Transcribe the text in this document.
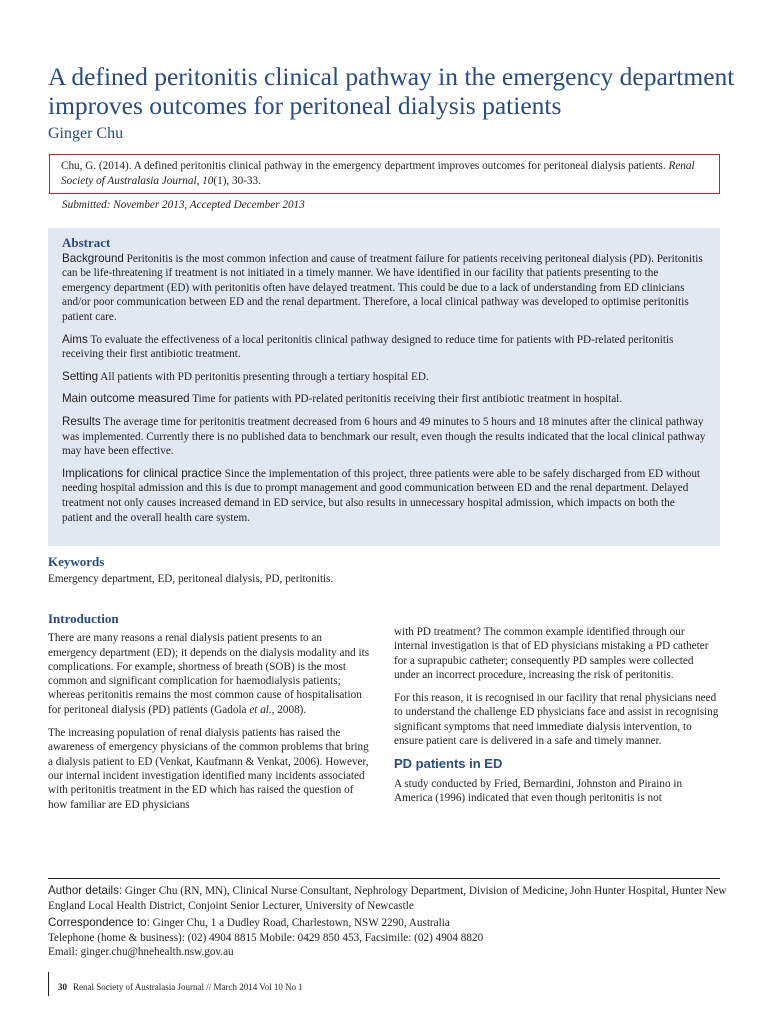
A defined peritonitis clinical pathway in the emergency department improves outcomes for peritoneal dialysis patients
Ginger Chu
Chu, G. (2014). A defined peritonitis clinical pathway in the emergency department improves outcomes for peritoneal dialysis patients. Renal Society of Australasia Journal, 10(1), 30-33.
Submitted: November 2013, Accepted December 2013
Abstract

Background Peritonitis is the most common infection and cause of treatment failure for patients receiving peritoneal dialysis (PD). Peritonitis can be life-threatening if treatment is not initiated in a timely manner. We have identified in our facility that patients presenting to the emergency department (ED) with peritonitis often have delayed treatment. This could be due to a lack of understanding from ED clinicians and/or poor communication between ED and the renal department. Therefore, a local clinical pathway was developed to optimise peritonitis patient care.

Aims To evaluate the effectiveness of a local peritonitis clinical pathway designed to reduce time for patients with PD-related peritonitis receiving their first antibiotic treatment.

Setting All patients with PD peritonitis presenting through a tertiary hospital ED.

Main outcome measured Time for patients with PD-related peritonitis receiving their first antibiotic treatment in hospital.

Results The average time for peritonitis treatment decreased from 6 hours and 49 minutes to 5 hours and 18 minutes after the clinical pathway was implemented. Currently there is no published data to benchmark our result, even though the results indicated that the local clinical pathway may have been effective.

Implications for clinical practice Since the implementation of this project, three patients were able to be safely discharged from ED without needing hospital admission and this is due to prompt management and good communication between ED and the renal department. Delayed treatment not only causes increased demand in ED service, but also results in unnecessary hospital admission, which impacts on both the patient and the overall health care system.

Keywords
Emergency department, ED, peritoneal dialysis, PD, peritonitis.
Introduction

There are many reasons a renal dialysis patient presents to an emergency department (ED); it depends on the dialysis modality and its complications. For example, shortness of breath (SOB) is the most common and significant complication for haemodialysis patients; whereas peritonitis remains the most common cause of hospitalisation for peritoneal dialysis (PD) patients (Gadola et al., 2008).

The increasing population of renal dialysis patients has raised the awareness of emergency physicians of the common problems that bring a dialysis patient to ED (Venkat, Kaufmann & Venkat, 2006). However, our internal incident investigation identified many incidents associated with peritonitis treatment in the ED which has raised the question of how familiar are ED physicians

with PD treatment? The common example identified through our internal investigation is that of ED physicians mistaking a PD catheter for a suprapubic catheter; consequently PD samples were collected under an incorrect procedure, increasing the risk of peritonitis.

For this reason, it is recognised in our facility that renal physicians need to understand the challenge ED physicians face and assist in recognising significant symptoms that need immediate dialysis intervention, to ensure patient care is delivered in a safe and timely manner.

PD patients in ED

A study conducted by Fried, Bernardini, Johnston and Piraino in America (1996) indicated that even though peritonitis is not

Author details: Ginger Chu (RN, MN), Clinical Nurse Consultant, Nephrology Department, Division of Medicine, John Hunter Hospital, Hunter New England Local Health District, Conjoint Senior Lecturer, University of Newcastle
Correspondence to: Ginger Chu, 1 a Dudley Road, Charlestown, NSW 2290, Australia
Telephone (home & business): (02) 4904 8815 Mobile: 0429 850 453, Facsimile: (02) 4904 8820
Email: ginger.chu@hnehealth.nsw.gov.au
30 Renal Society of Australasia Journal // March 2014 Vol 10 No 1
